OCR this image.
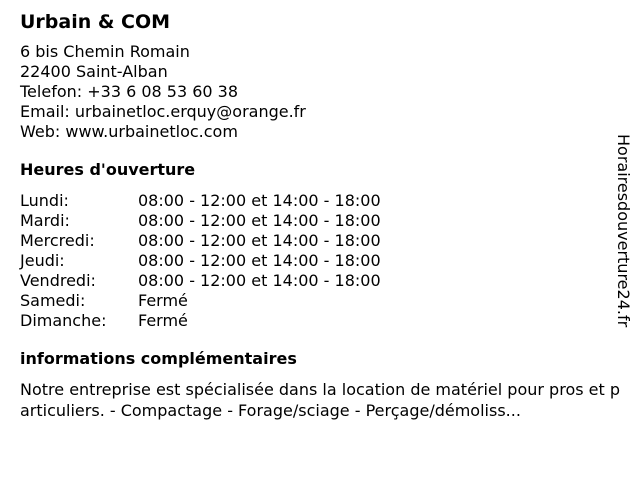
Urbain & COM
6 bis Chemin Romain
22400 Saint-Alban
Telefon: +33 6 08 53 60 38
Email: urbainetloc.erquy@orange.fr
Web: www.urbainetloc.com
Heures d'ouverture
Lundi:	08:00 - 12:00 et 14:00 - 18:00
Mardi:	08:00 - 12:00 et 14:00 - 18:00
Mercredi:	08:00 - 12:00 et 14:00 - 18:00
Jeudi:	08:00 - 12:00 et 14:00 - 18:00
Vendredi:	08:00 - 12:00 et 14:00 - 18:00
Samedi:	Fermé
Dimanche:	Fermé
informations complémentaires
Notre entreprise est spécialisée dans la location de matériel pour pros et particuliers. - Compactage - Forage/sciage - Perçage/démoliss...
Horairesdouverture24.fr
